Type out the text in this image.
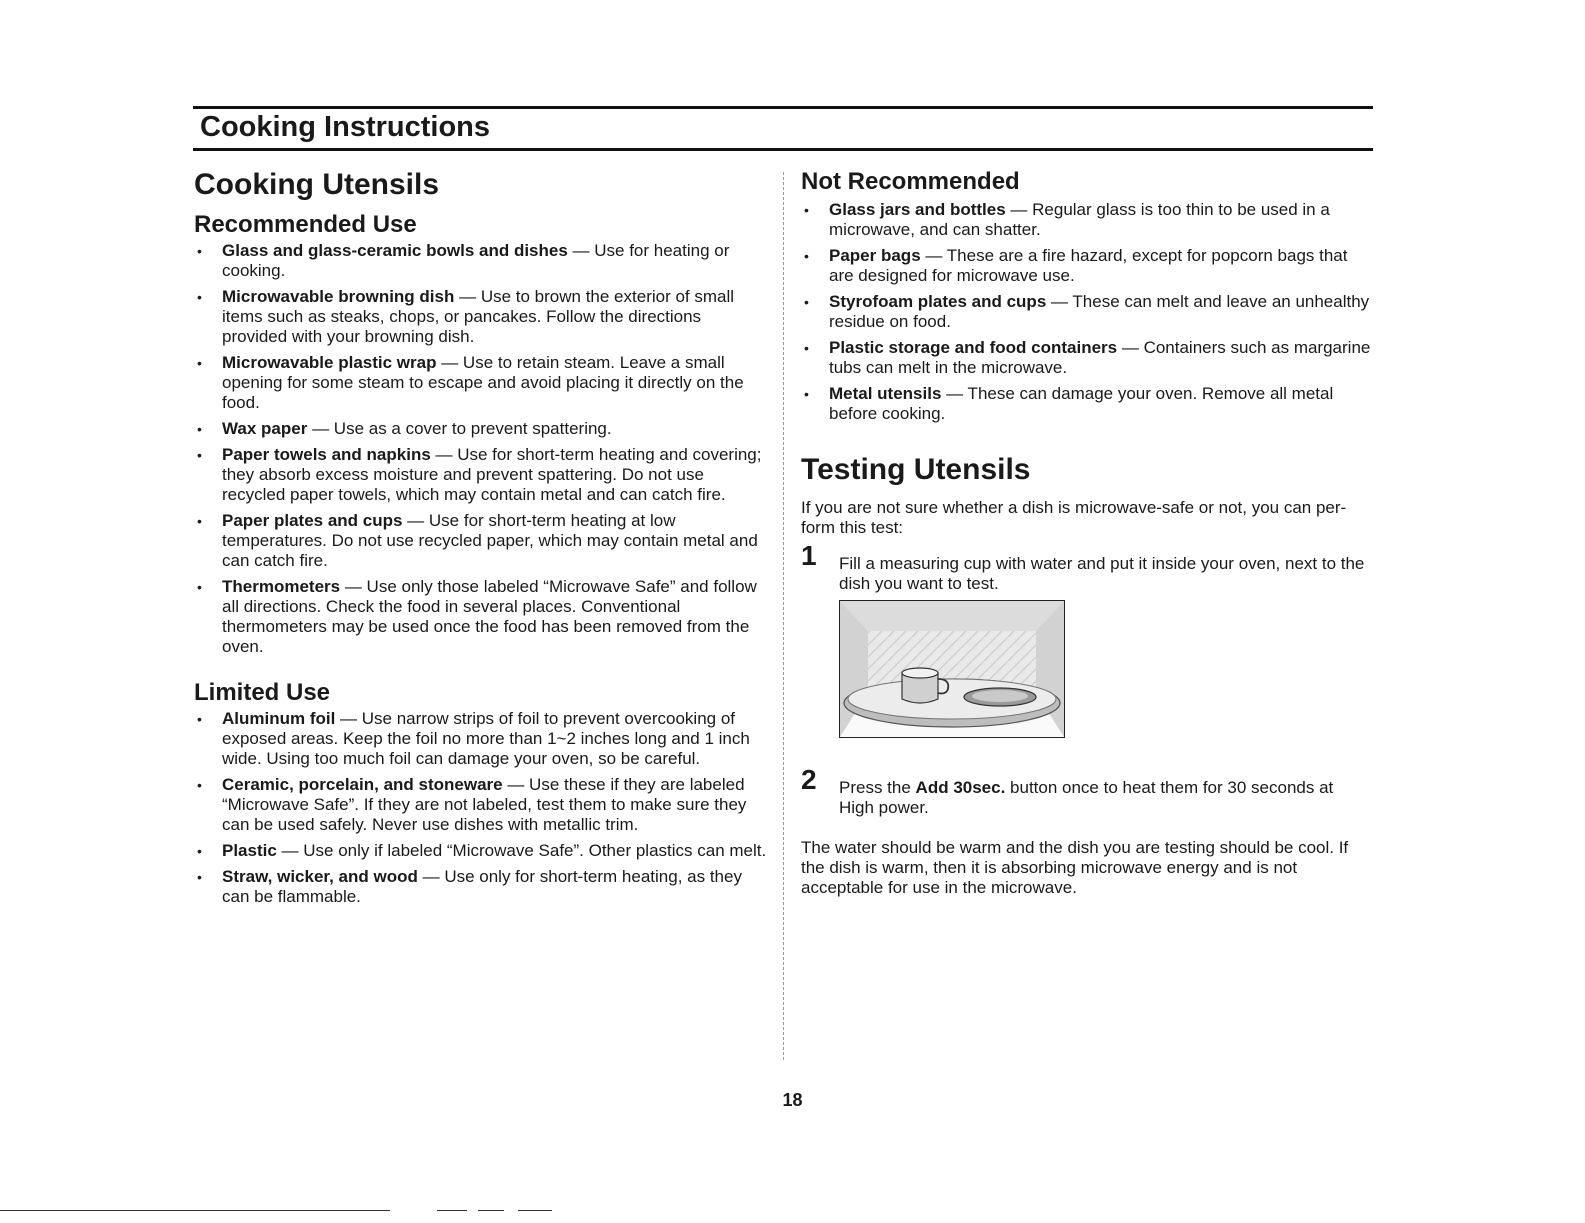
Cooking Instructions
Cooking Utensils
Recommended Use
• Glass and glass-ceramic bowls and dishes — Use for heating or cooking.
• Microwavable browning dish — Use to brown the exterior of small items such as steaks, chops, or pancakes. Follow the directions provided with your browning dish.
• Microwavable plastic wrap — Use to retain steam. Leave a small opening for some steam to escape and avoid placing it directly on the food.
• Wax paper — Use as a cover to prevent spattering.
• Paper towels and napkins — Use for short-term heating and covering; they absorb excess moisture and prevent spattering. Do not use recycled paper towels, which may contain metal and can catch fire.
• Paper plates and cups — Use for short-term heating at low temperatures. Do not use recycled paper, which may contain metal and can catch fire.
• Thermometers — Use only those labeled “Microwave Safe” and follow all directions. Check the food in several places. Conventional thermometers may be used once the food has been removed from the oven.
Limited Use
• Aluminum foil — Use narrow strips of foil to prevent overcooking of exposed areas. Keep the foil no more than 1~2 inches long and 1 inch wide. Using too much foil can damage your oven, so be careful.
• Ceramic, porcelain, and stoneware — Use these if they are labeled “Microwave Safe”. If they are not labeled, test them to make sure they can be used safely. Never use dishes with metallic trim.
• Plastic — Use only if labeled “Microwave Safe”. Other plastics can melt.
• Straw, wicker, and wood — Use only for short-term heating, as they can be flammable.
Not Recommended
• Glass jars and bottles — Regular glass is too thin to be used in a microwave, and can shatter.
• Paper bags — These are a fire hazard, except for popcorn bags that are designed for microwave use.
• Styrofoam plates and cups — These can melt and leave an unhealthy residue on food.
• Plastic storage and food containers — Containers such as margarine tubs can melt in the microwave.
• Metal utensils — These can damage your oven. Remove all metal before cooking.
Testing Utensils

If you are not sure whether a dish is microwave-safe or not, you can per-form this test:

1 Fill a measuring cup with water and put it inside your oven, next to the dish you want to test.
2 Press the Add 30sec. button once to heat them for 30 seconds at High power.

The water should be warm and the dish you are testing should be cool. If the dish is warm, then it is absorbing microwave energy and is not acceptable for use in the microwave.

18
